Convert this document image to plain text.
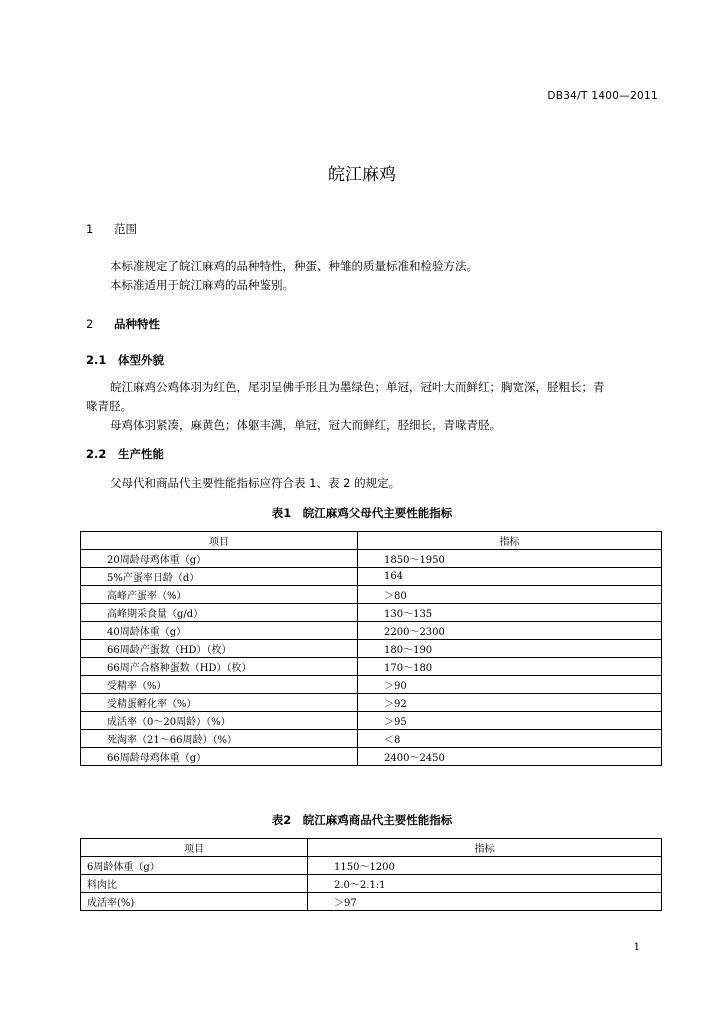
DB34/T 1400—2011
皖江麻鸡
1 范围
本标准规定了皖江麻鸡的品种特性，种蛋、种雏的质量标准和检验方法。
本标准适用于皖江麻鸡的品种鉴别。
2 品种特性
2.1 体型外貌
皖江麻鸡公鸡体羽为红色，尾羽呈佛手形且为墨绿色；单冠，冠叶大而鲜红；胸宽深，胫粗长；青
喙青胫。
母鸡体羽紧凑，麻黄色；体躯丰满，单冠，冠大而鲜红，胫细长，青喙青胫。
2.2 生产性能
父母代和商品代主要性能指标应符合表 1、表 2 的规定。
表1　皖江麻鸡父母代主要性能指标
项目	指标
20周龄母鸡体重（g）	1850～1950
5%产蛋率日龄（d）	164
高峰产蛋率（%）	＞80
高峰期采食量（g/d）	130～135
40周龄体重（g）	2200～2300
66周龄产蛋数（HD）（枚）	180～190
66周产合格种蛋数（HD）（枚）	170～180
受精率（%）	＞90
受精蛋孵化率（%）	＞92
成活率（0～20周龄）（%）	＞95
死淘率（21～66周龄）（%）	＜8
66周龄母鸡体重（g）	2400～2450
表2　皖江麻鸡商品代主要性能指标
项目	指标
6周龄体重（g）	1150～1200
料肉比	2.0～2.1:1
成活率(%)	＞97
1
